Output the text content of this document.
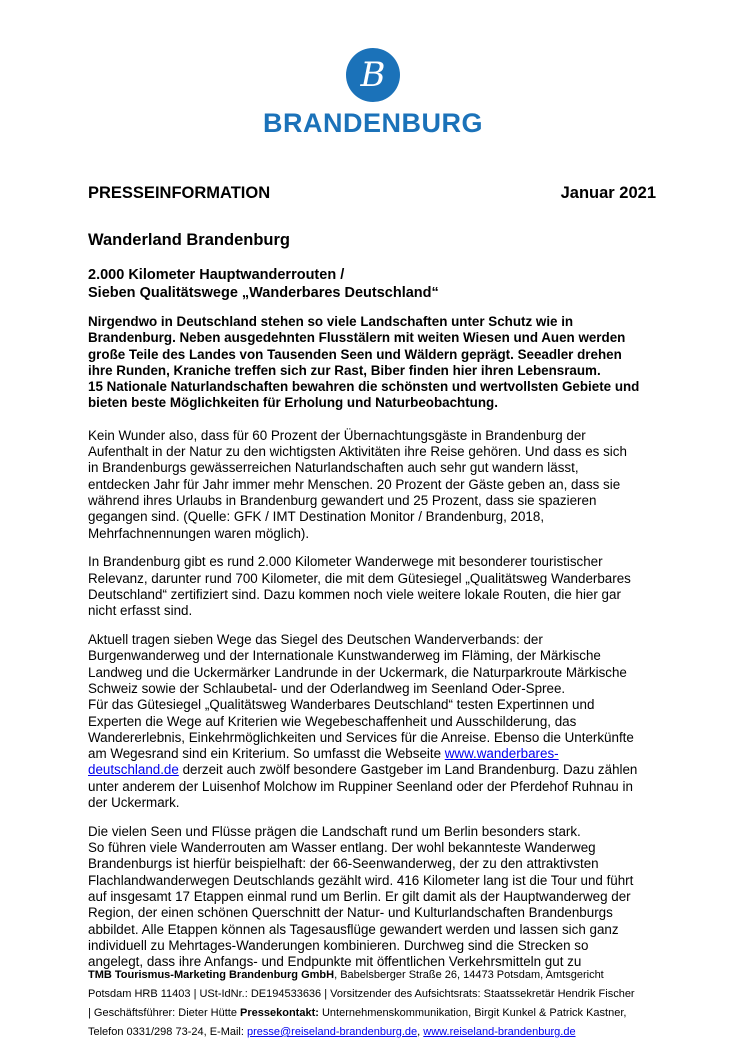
B
BRANDENBURG
PRESSEINFORMATION	Januar 2021
Wanderland Brandenburg
2.000 Kilometer Hauptwanderrouten /
Sieben Qualitätswege „Wanderbares Deutschland“
Nirgendwo in Deutschland stehen so viele Landschaften unter Schutz wie in
Brandenburg. Neben ausgedehnten Flusstälern mit weiten Wiesen und Auen werden
große Teile des Landes von Tausenden Seen und Wäldern geprägt. Seeadler drehen
ihre Runden, Kraniche treffen sich zur Rast, Biber finden hier ihren Lebensraum.
15 Nationale Naturlandschaften bewahren die schönsten und wertvollsten Gebiete und
bieten beste Möglichkeiten für Erholung und Naturbeobachtung.
Kein Wunder also, dass für 60 Prozent der Übernachtungsgäste in Brandenburg der
Aufenthalt in der Natur zu den wichtigsten Aktivitäten ihre Reise gehören. Und dass es sich
in Brandenburgs gewässerreichen Naturlandschaften auch sehr gut wandern lässt,
entdecken Jahr für Jahr immer mehr Menschen. 20 Prozent der Gäste geben an, dass sie
während ihres Urlaubs in Brandenburg gewandert und 25 Prozent, dass sie spazieren
gegangen sind. (Quelle: GFK / IMT Destination Monitor / Brandenburg, 2018,
Mehrfachnennungen waren möglich).
In Brandenburg gibt es rund 2.000 Kilometer Wanderwege mit besonderer touristischer
Relevanz, darunter rund 700 Kilometer, die mit dem Gütesiegel „Qualitätsweg Wanderbares
Deutschland“ zertifiziert sind. Dazu kommen noch viele weitere lokale Routen, die hier gar
nicht erfasst sind.
Aktuell tragen sieben Wege das Siegel des Deutschen Wanderverbands: der
Burgenwanderweg und der Internationale Kunstwanderweg im Fläming, der Märkische
Landweg und die Uckermärker Landrunde in der Uckermark, die Naturparkroute Märkische
Schweiz sowie der Schlaubetal- und der Oderlandweg im Seenland Oder-Spree.
Für das Gütesiegel „Qualitätsweg Wanderbares Deutschland“ testen Expertinnen und
Experten die Wege auf Kriterien wie Wegebeschaffenheit und Ausschilderung, das
Wandererlebnis, Einkehrmöglichkeiten und Services für die Anreise. Ebenso die Unterkünfte
am Wegesrand sind ein Kriterium. So umfasst die Webseite www.wanderbares-
deutschland.de derzeit auch zwölf besondere Gastgeber im Land Brandenburg. Dazu zählen
unter anderem der Luisenhof Molchow im Ruppiner Seenland oder der Pferdehof Ruhnau in
der Uckermark.
Die vielen Seen und Flüsse prägen die Landschaft rund um Berlin besonders stark.
So führen viele Wanderrouten am Wasser entlang. Der wohl bekannteste Wanderweg
Brandenburgs ist hierfür beispielhaft: der 66-Seenwanderweg, der zu den attraktivsten
Flachlandwanderwegen Deutschlands gezählt wird. 416 Kilometer lang ist die Tour und führt
auf insgesamt 17 Etappen einmal rund um Berlin. Er gilt damit als der Hauptwanderweg der
Region, der einen schönen Querschnitt der Natur- und Kulturlandschaften Brandenburgs
abbildet. Alle Etappen können als Tagesausflüge gewandert werden und lassen sich ganz
individuell zu Mehrtages-Wanderungen kombinieren. Durchweg sind die Strecken so
angelegt, dass ihre Anfangs- und Endpunkte mit öffentlichen Verkehrsmitteln gut zu
TMB Tourismus-Marketing Brandenburg GmbH, Babelsberger Straße 26, 14473 Potsdam, Amtsgericht
Potsdam HRB 11403 | USt-IdNr.: DE194533636 | Vorsitzender des Aufsichtsrats: Staatssekretär Hendrik Fischer
| Geschäftsführer: Dieter Hütte Pressekontakt: Unternehmenskommunikation, Birgit Kunkel & Patrick Kastner,
Telefon 0331/298 73-24, E-Mail: presse@reiseland-brandenburg.de, www.reiseland-brandenburg.de
